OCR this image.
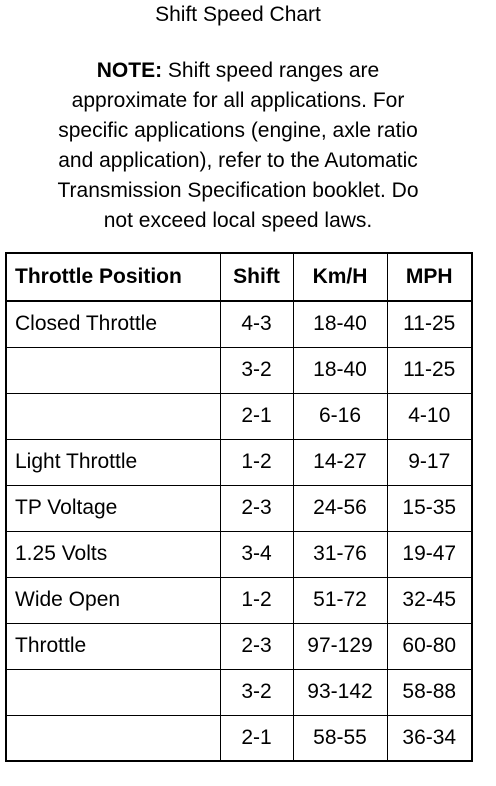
Shift Speed Chart
NOTE: Shift speed ranges are
approximate for all applications. For
specific applications (engine, axle ratio
and application), refer to the Automatic
Transmission Specification booklet. Do
not exceed local speed laws.
Throttle Position	Shift	Km/H	MPH
Closed Throttle	4-3	18-40	11-25
	3-2	18-40	11-25
	2-1	6-16	4-10
Light Throttle	1-2	14-27	9-17
TP Voltage	2-3	24-56	15-35
1.25 Volts	3-4	31-76	19-47
Wide Open	1-2	51-72	32-45
Throttle	2-3	97-129	60-80
	3-2	93-142	58-88
	2-1	58-55	36-34
